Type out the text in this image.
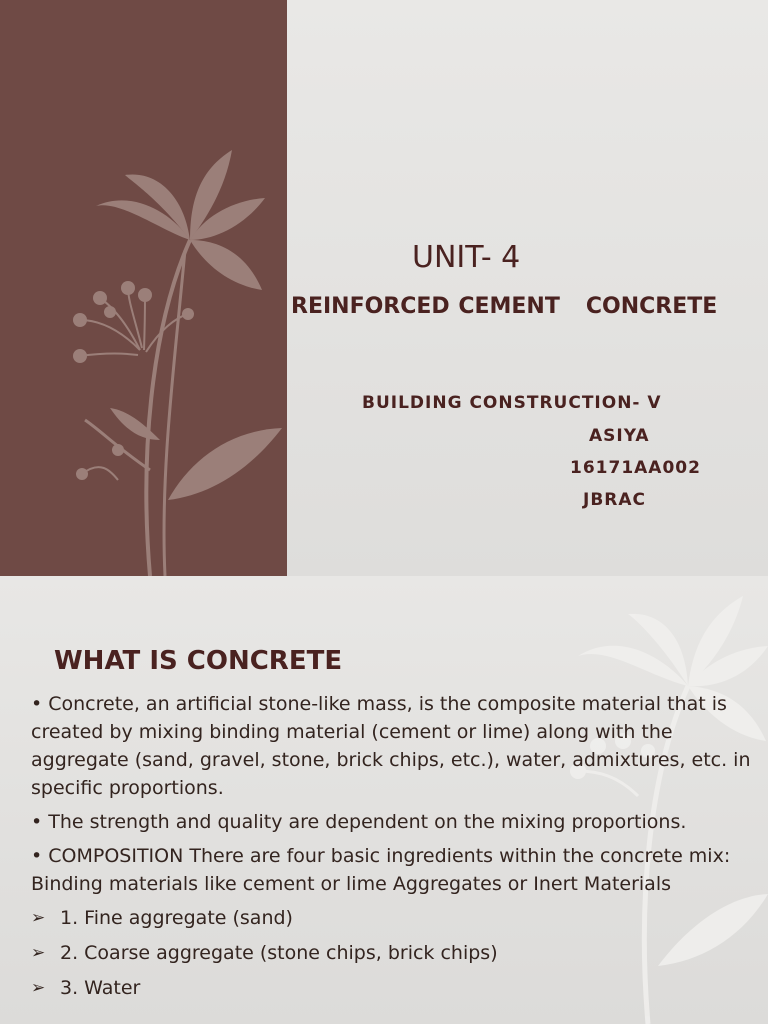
UNIT- 4
REINFORCED CEMENT CONCRETE
BUILDING CONSTRUCTION- V
ASIYA
16171AA002
JBRAC
WHAT IS CONCRETE

• Concrete, an artificial stone-like mass, is the composite material that is created by mixing binding material (cement or lime) along with the aggregate (sand, gravel, stone, brick chips, etc.), water, admixtures, etc. in specific proportions.

• The strength and quality are dependent on the mixing proportions.

• COMPOSITION There are four basic ingredients within the concrete mix: Binding materials like cement or lime Aggregates or Inert Materials

➢ 1. Fine aggregate (sand)
➢ 2. Coarse aggregate (stone chips, brick chips)
➢ 3. Water
